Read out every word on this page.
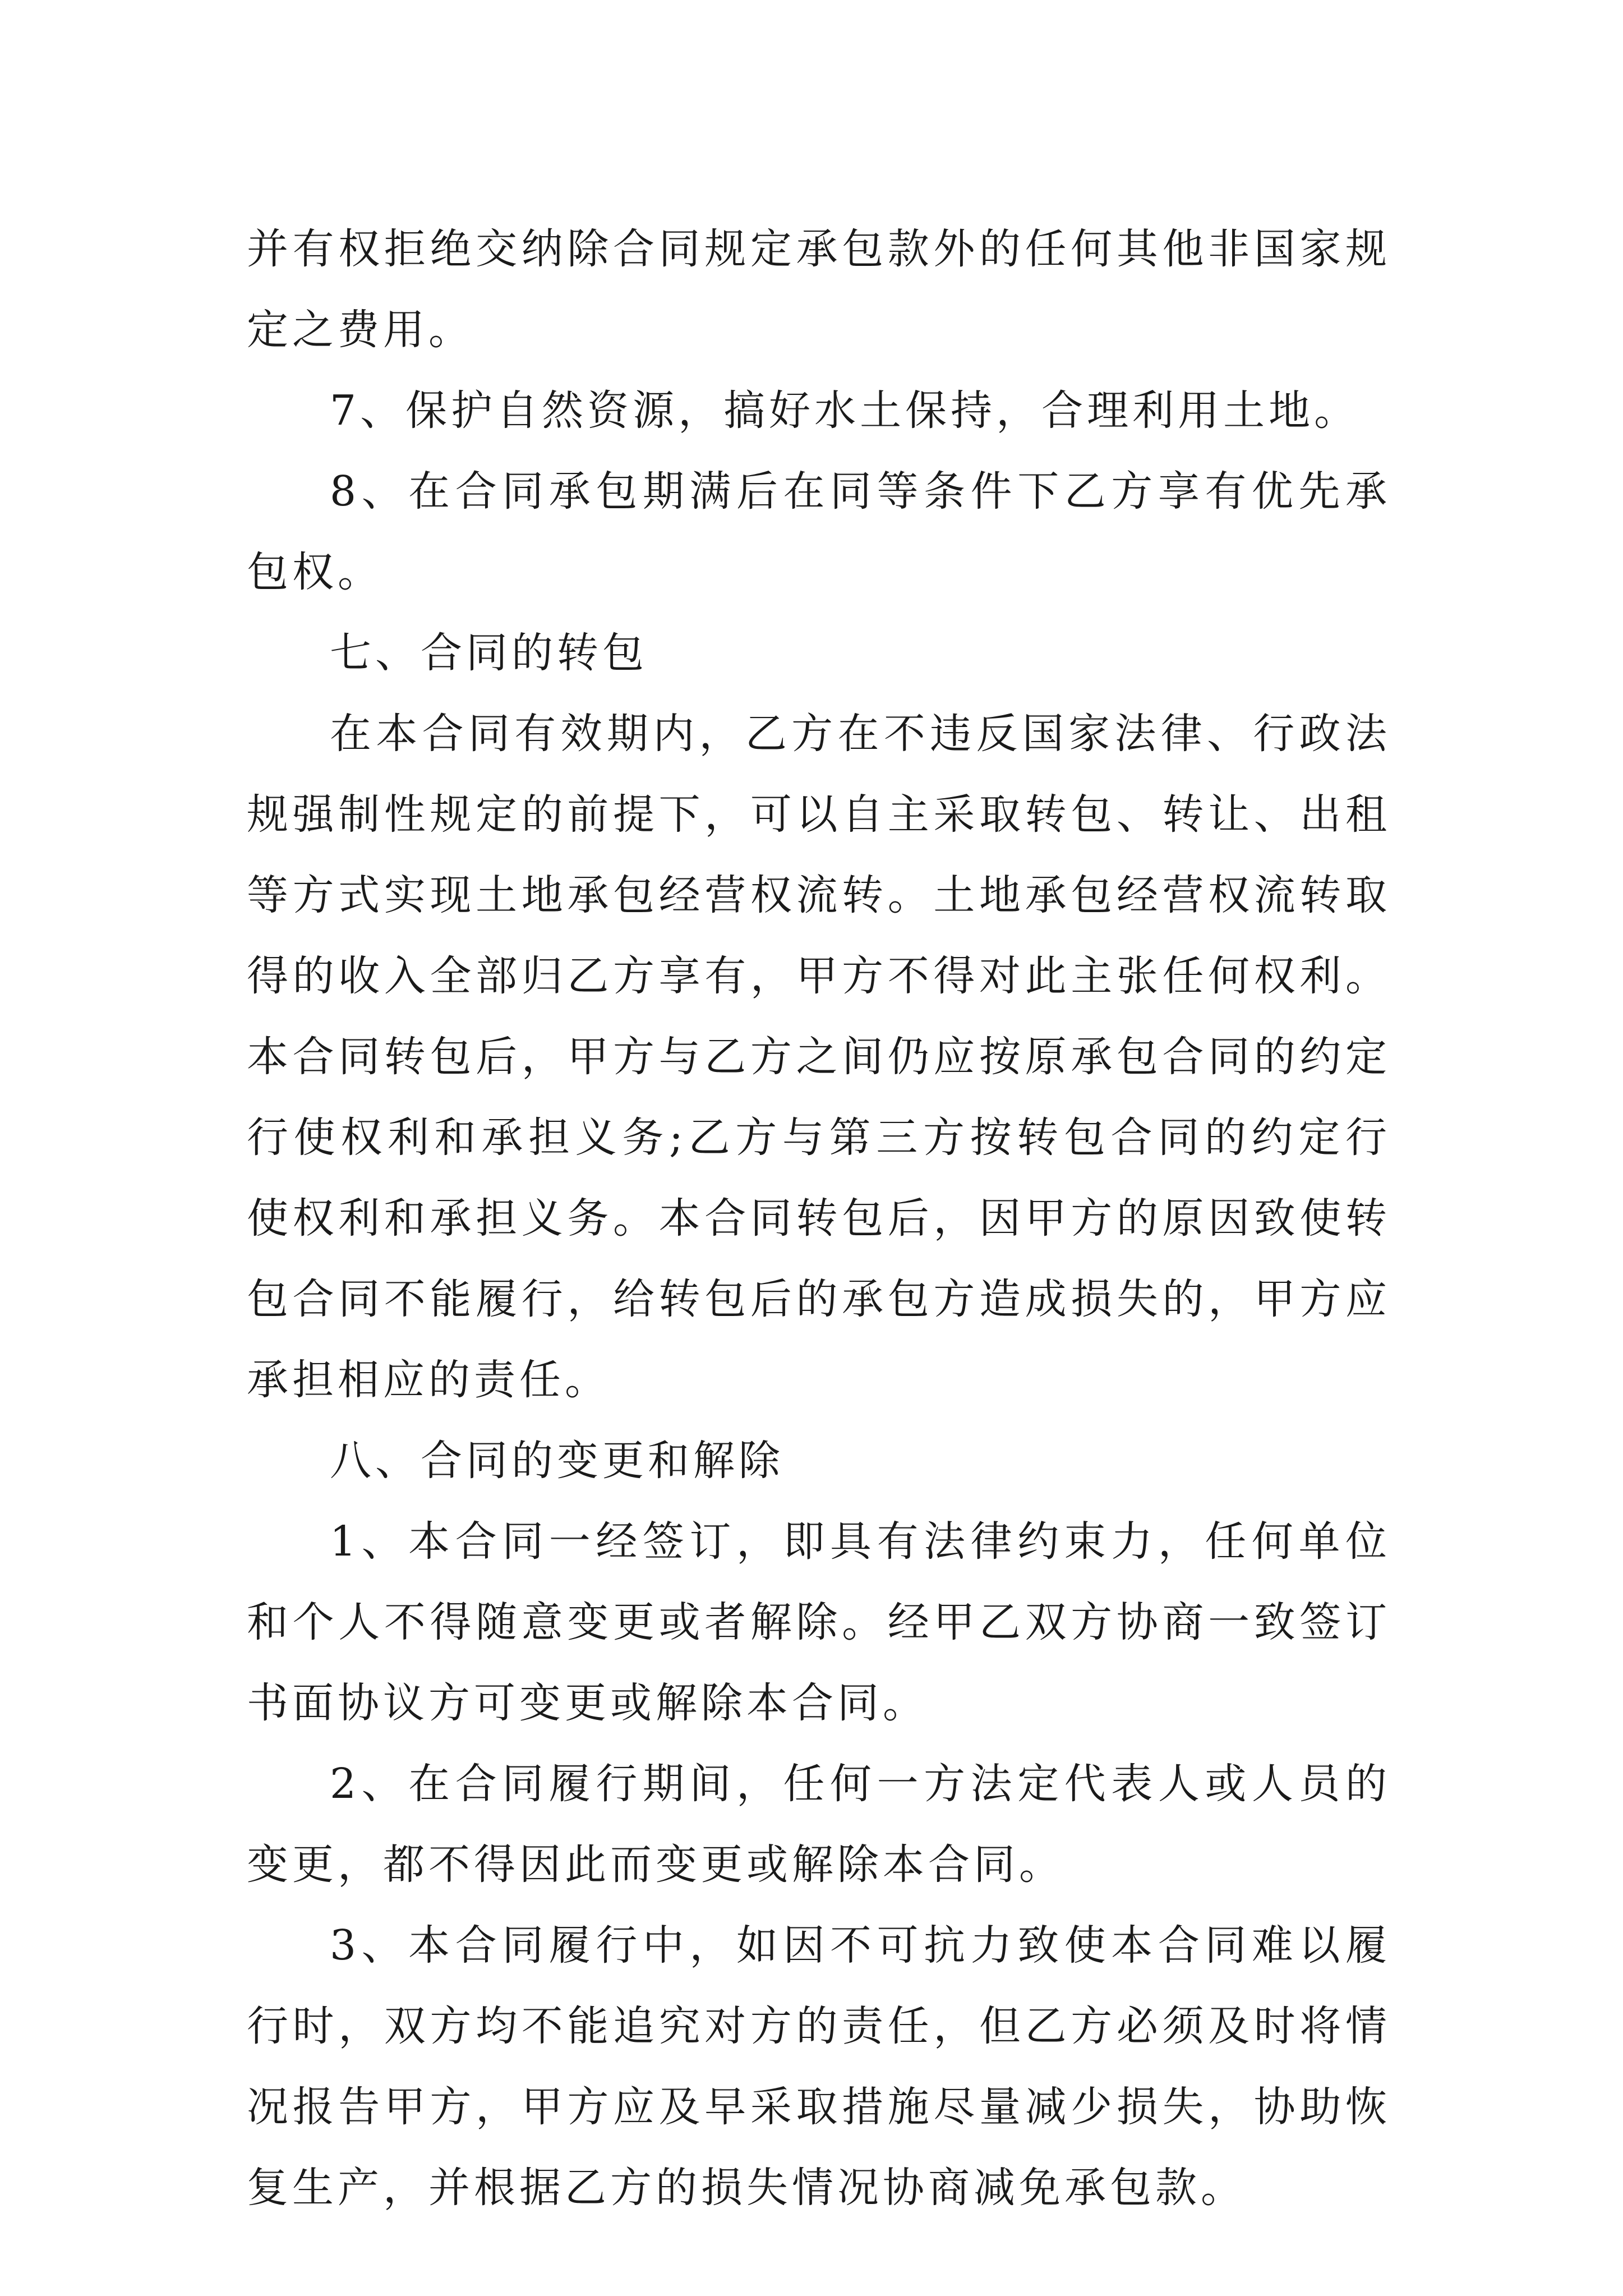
并有权拒绝交纳除合同规定承包款外的任何其他非国家规定之费用。

7、保护自然资源，搞好水土保持，合理利用土地。

8、在合同承包期满后在同等条件下乙方享有优先承包权。

七、合同的转包

在本合同有效期内，乙方在不违反国家法律、行政法规强制性规定的前提下，可以自主采取转包、转让、出租等方式实现土地承包经营权流转。土地承包经营权流转取得的收入全部归乙方享有，甲方不得对此主张任何权利。本合同转包后，甲方与乙方之间仍应按原承包合同的约定行使权利和承担义务;乙方与第三方按转包合同的约定行使权利和承担义务。本合同转包后，因甲方的原因致使转包合同不能履行，给转包后的承包方造成损失的，甲方应承担相应的责任。

八、合同的变更和解除

1、本合同一经签订，即具有法律约束力，任何单位和个人不得随意变更或者解除。经甲乙双方协商一致签订书面协议方可变更或解除本合同。

2、在合同履行期间，任何一方法定代表人或人员的变更，都不得因此而变更或解除本合同。

3、本合同履行中，如因不可抗力致使本合同难以履行时，双方均不能追究对方的责任，但乙方必须及时将情况报告甲方，甲方应及早采取措施尽量减少损失，协助恢复生产，并根据乙方的损失情况协商减免承包款。
